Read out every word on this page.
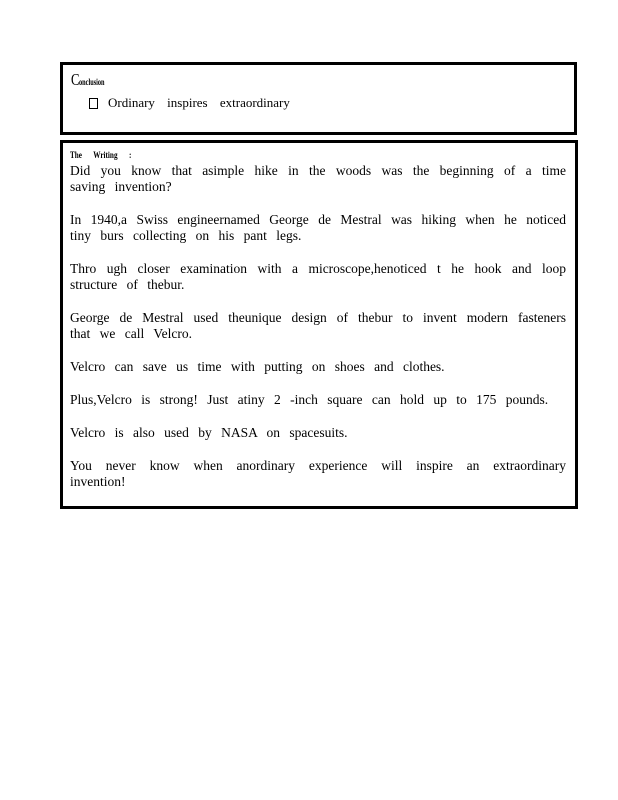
Conclusion
Ordinary inspires extraordinary
The Writing :

Did you know that asimple hike in the woods was the beginning of a time saving invention?

In 1940,a Swiss engineernamed George de Mestral was hiking when he noticed tiny burs collecting on his pant legs.

Thro ugh closer examination with a microscope,henoticed t he hook and loop structure of thebur.

George de Mestral used theunique design of thebur to invent modern fasteners that we call Velcro.

Velcro can save us time with putting on shoes and clothes.

Plus,Velcro is strong! Just atiny 2 -inch square can hold up to 175 pounds.

Velcro is also used by NASA on spacesuits.

You never know when anordinary experience will inspire an extraordinary invention!
